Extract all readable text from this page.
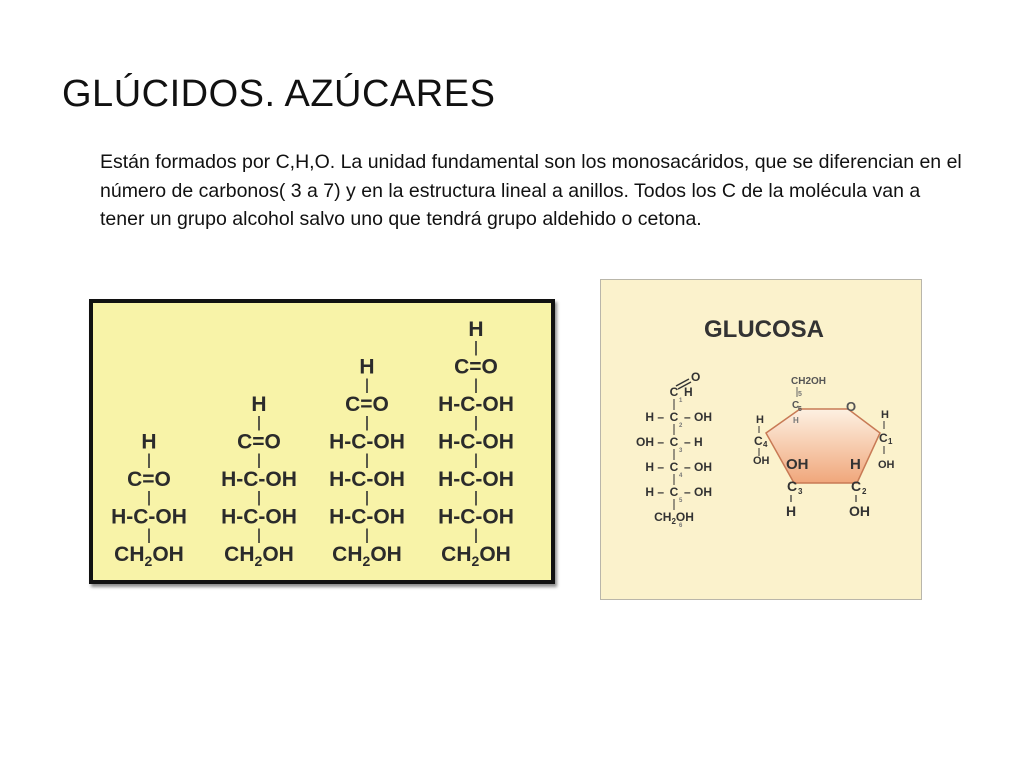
GLÚCIDOS. AZÚCARES

Están formados por C,H,O. La unidad fundamental son los monosacáridos, que se diferencian en el número de carbonos( 3 a 7) y en la estructura lineal a anillos. Todos los C de la molécula van a tener un grupo alcohol salvo uno que tendrá grupo aldehido o cetona.

H
C=O
H-C-OH
$CH_2OH$
H
C=O
H-C-OH
H-C-OH
$CH_2OH$
H
C=O
H-C-OH
H-C-OH
H-C-OH
$CH_2OH$
H
C=O
H-C-OH
H-C-OH
H-C-OH
H-C-OH
$CH_2OH$
GLUCOSA
O
C
1
H
H – C
2
– OH
OH – C
3
– H
H – C
4
– OH
H – C
5
– OH
$CH_2OH$
6
CH2OH
C
6
H
5
O
H
C 1
OH
H
C 4
OH OH	H
C 3	C 2
H	OH
